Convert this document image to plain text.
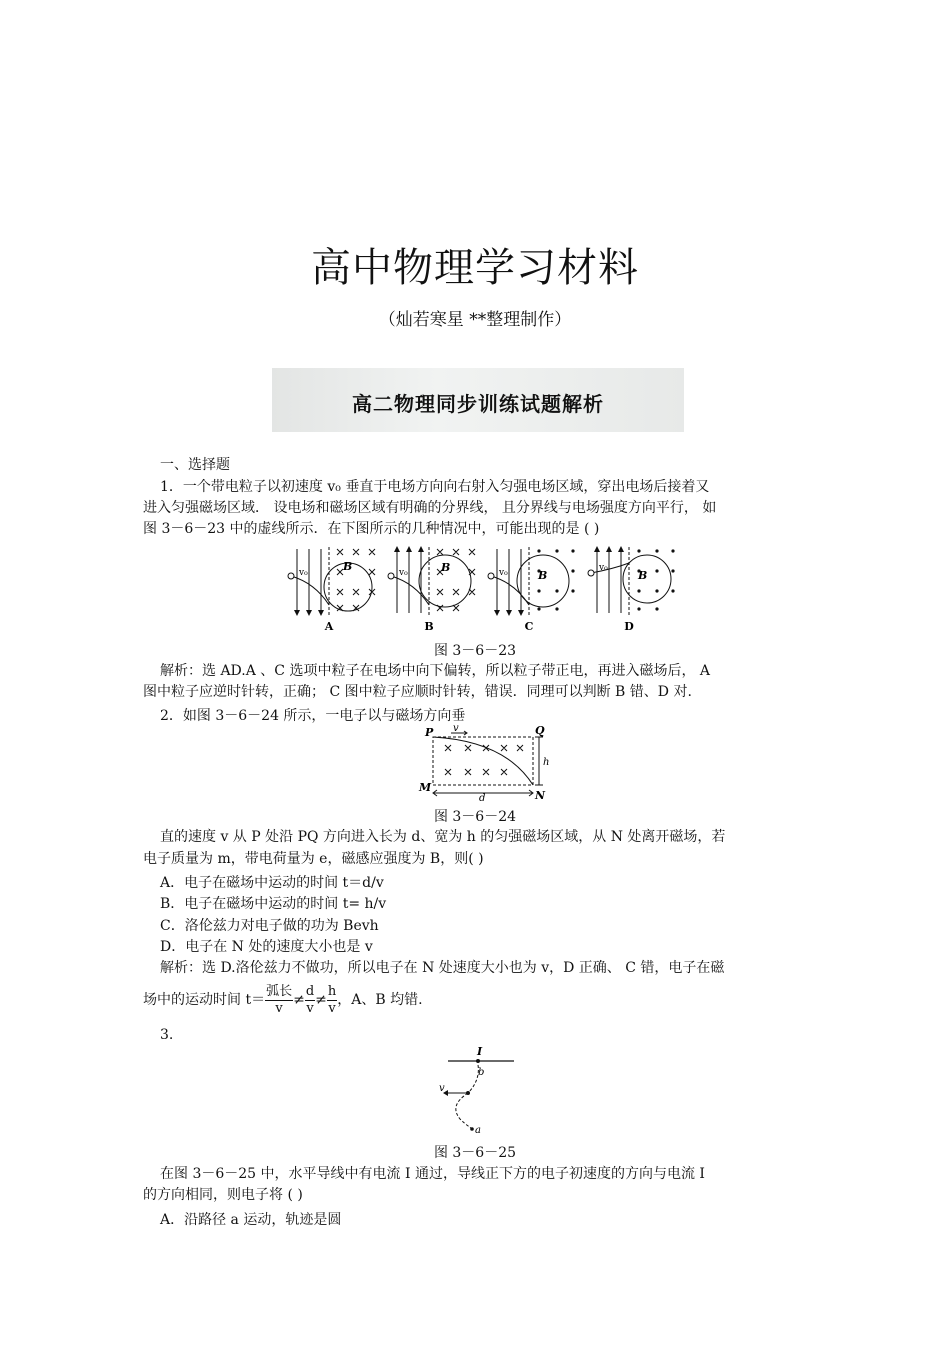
高中物理学习材料
（灿若寒星 **整理制作）
高二物理同步训练试题解析
一、选择题
1．一个带电粒子以初速度 v₀ 垂直于电场方向向右射入匀强电场区域，穿出电场后接着又
进入匀强磁场区域． 设电场和磁场区域有明确的分界线， 且分界线与电场强度方向平行， 如
图 3－6－23 中的虚线所示．在下图所示的几种情况中，可能出现的是 ( )
v₀	B
A
v₀	B
B
v₀	B
C
v₀
B
D
图 3－6－23
解析：选 AD.A 、C 选项中粒子在电场中向下偏转，所以粒子带正电，再进入磁场后， A
图中粒子应逆时针转，正确； C 图中粒子应顺时针转，错误．同理可以判断 B 错、D 对.
2．如图 3－6－24 所示，一电子以与磁场方向垂
P v	Q
h
M
N
d
图 3－6－24
直的速度 v 从 P 处沿 PQ 方向进入长为 d、宽为 h 的匀强磁场区域，从 N 处离开磁场，若
电子质量为 m，带电荷量为 e，磁感应强度为 B，则( )
A．电子在磁场中运动的时间 t＝d/v
B．电子在磁场中运动的时间 t= h/v
C．洛伦兹力对电子做的功为 Bevh
D．电子在 N 处的速度大小也是 v
解析：选 D.洛伦兹力不做功，所以电子在 N 处速度大小也为 v，D 正确、 C 错，电子在磁
场中的运动时间 $t= \frac{\text{弧长}}{v} \ne \frac{d}{v} \ne \frac{h}{v}$ ，A、B 均错.
3.
I
b
v
a
图 3－6－25
在图 3－6－25 中，水平导线中有电流 I 通过，导线正下方的电子初速度的方向与电流 I
的方向相同，则电子将 ( )
A．沿路径 a 运动，轨迹是圆
